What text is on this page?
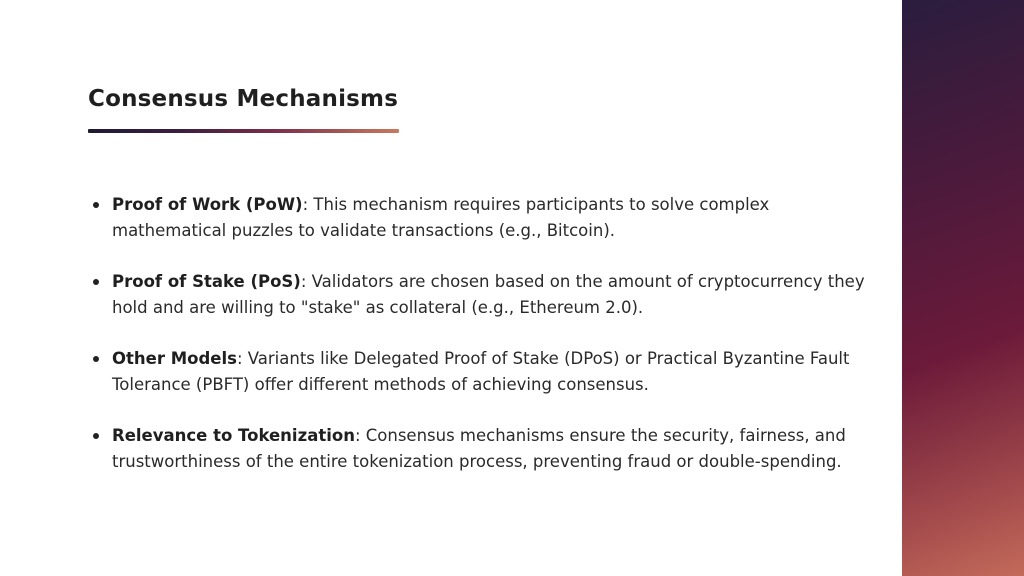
Consensus Mechanisms
Proof of Work (PoW): This mechanism requires participants to solve complex mathematical puzzles to validate transactions (e.g., Bitcoin).
Proof of Stake (PoS): Validators are chosen based on the amount of cryptocurrency they hold and are willing to "stake" as collateral (e.g., Ethereum 2.0).
Other Models: Variants like Delegated Proof of Stake (DPoS) or Practical Byzantine Fault Tolerance (PBFT) offer different methods of achieving consensus.
Relevance to Tokenization: Consensus mechanisms ensure the security, fairness, and trustworthiness of the entire tokenization process, preventing fraud or double-spending.
